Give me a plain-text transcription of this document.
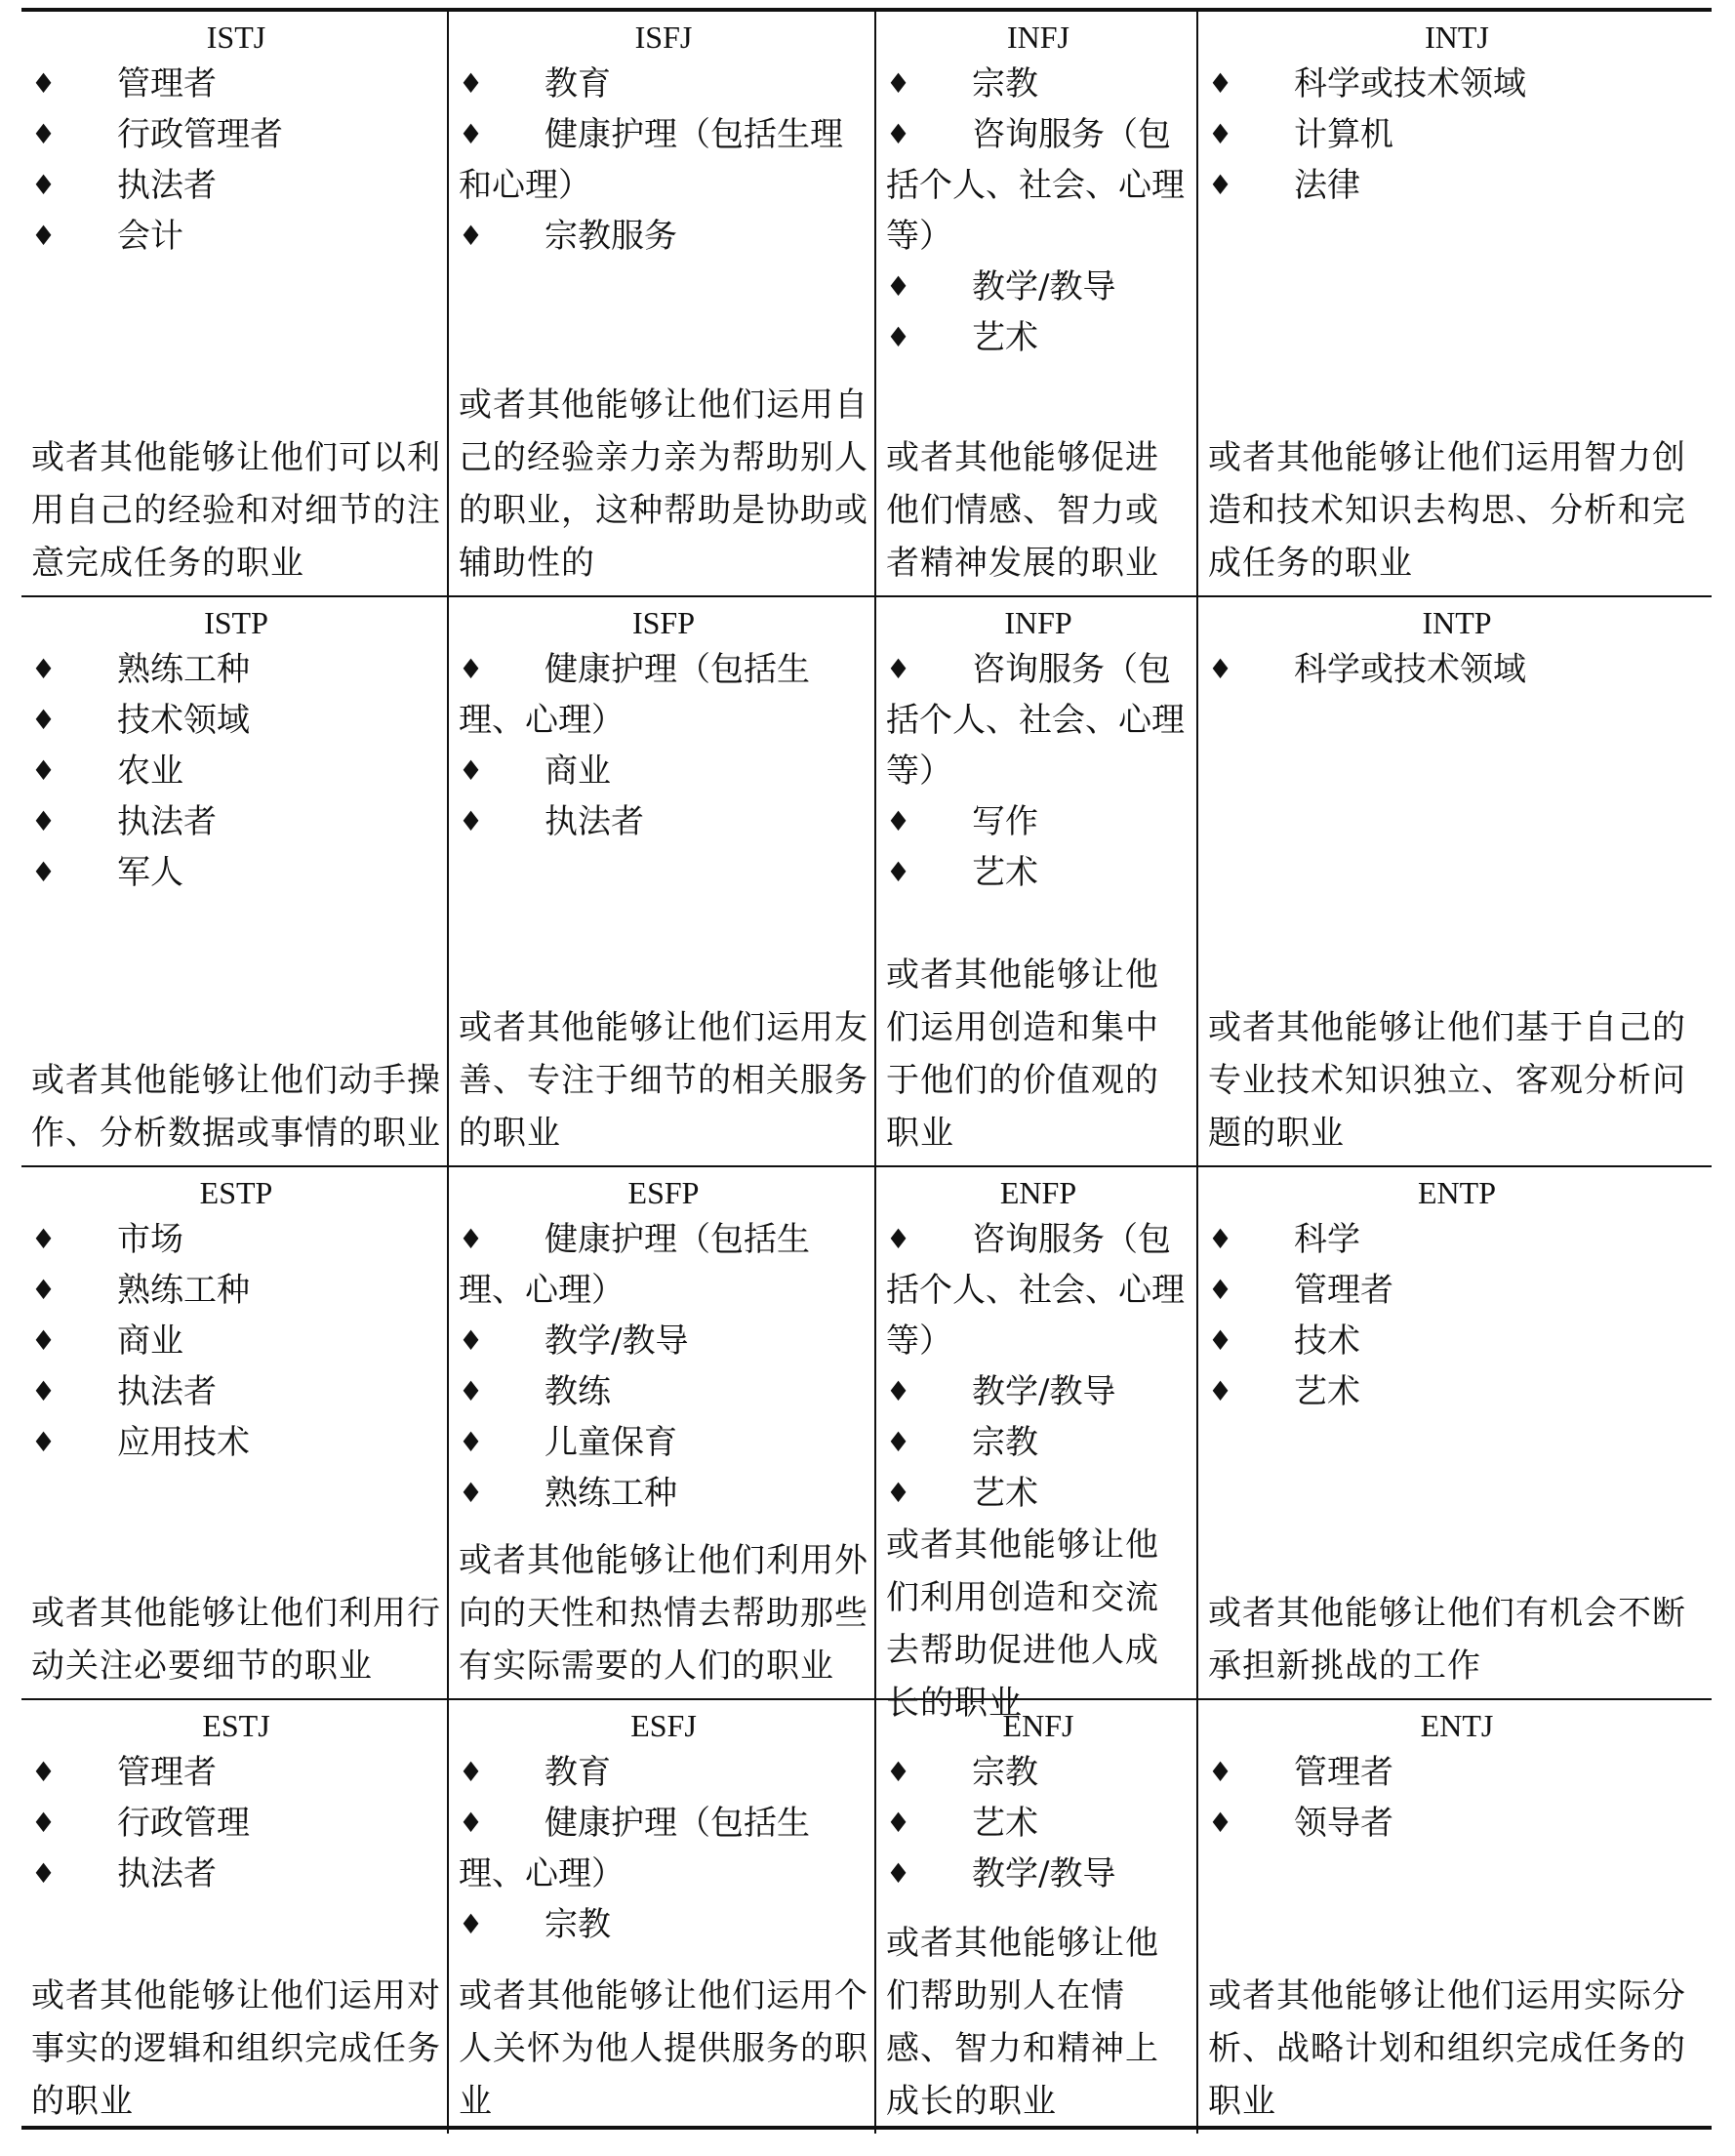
ISTJ
♦ 管理者
♦ 行政管理者
♦ 执法者
♦ 会计
或者其他能够让他们可以利用自己的经验和对细节的注意完成任务的职业
ISFJ
♦ 教育
♦ 健康护理（包括生理和心理）
♦ 宗教服务
或者其他能够让他们运用自己的经验亲力亲为帮助别人的职业，这种帮助是协助或辅助性的
INFJ
♦ 宗教
♦ 咨询服务（包括个人、社会、心理等）
♦ 教学/教导
♦ 艺术
或者其他能够促进他们情感、智力或者精神发展的职业
INTJ
♦ 科学或技术领域
♦ 计算机
♦ 法律
或者其他能够让他们运用智力创造和技术知识去构思、分析和完成任务的职业
ISTP
♦ 熟练工种
♦ 技术领域
♦ 农业
♦ 执法者
♦ 军人
或者其他能够让他们动手操作、分析数据或事情的职业
ISFP
♦ 健康护理（包括生理、心理）
♦ 商业
♦ 执法者
或者其他能够让他们运用友善、专注于细节的相关服务的职业
INFP
♦ 咨询服务（包括个人、社会、心理等）
♦ 写作
♦ 艺术
或者其他能够让他们运用创造和集中于他们的价值观的职业
INTP
♦ 科学或技术领域
或者其他能够让他们基于自己的专业技术知识独立、客观分析问题的职业
ESTP
♦ 市场
♦ 熟练工种
♦ 商业
♦ 执法者
♦ 应用技术
或者其他能够让他们利用行动关注必要细节的职业
ESFP
♦ 健康护理（包括生理、心理）
♦ 教学/教导
♦ 教练
♦ 儿童保育
♦ 熟练工种
或者其他能够让他们利用外向的天性和热情去帮助那些有实际需要的人们的职业
ENFP
♦ 咨询服务（包括个人、社会、心理等）
♦ 教学/教导
♦ 宗教
♦ 艺术
或者其他能够让他们利用创造和交流去帮助促进他人成长的职业
ENTP
♦ 科学
♦ 管理者
♦ 技术
♦ 艺术
或者其他能够让他们有机会不断承担新挑战的工作
ESTJ
♦ 管理者
♦ 行政管理
♦ 执法者
或者其他能够让他们运用对事实的逻辑和组织完成任务的职业
ESFJ
♦ 教育
♦ 健康护理（包括生理、心理）
♦ 宗教
或者其他能够让他们运用个人关怀为他人提供服务的职业
ENFJ
♦ 宗教
♦ 艺术
♦ 教学/教导
或者其他能够让他们帮助别人在情感、智力和精神上成长的职业
ENTJ
♦ 管理者
♦ 领导者
或者其他能够让他们运用实际分析、战略计划和组织完成任务的职业
